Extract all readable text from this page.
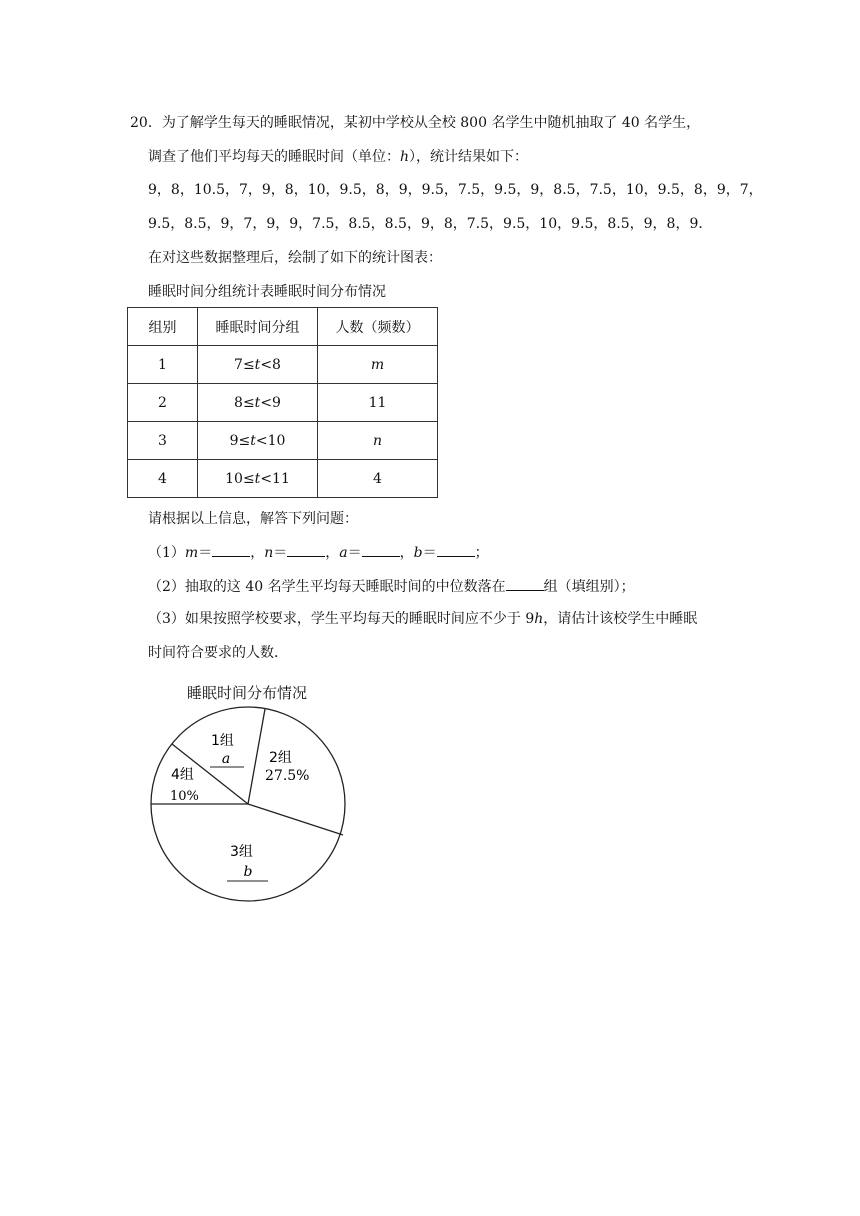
20．为了解学生每天的睡眠情况，某初中学校从全校 800 名学生中随机抽取了 40 名学生，
调查了他们平均每天的睡眠时间（单位：h），统计结果如下：
9，8，10.5，7，9，8，10，9.5，8，9，9.5，7.5，9.5，9，8.5，7.5，10，9.5，8，9，7，
9.5，8.5，9，7，9，9，7.5，8.5，8.5，9，8，7.5，9.5，10，9.5，8.5，9，8，9．
在对这些数据整理后，绘制了如下的统计图表：
睡眠时间分组统计表睡眠时间分布情况
组别	睡眠时间分组	人数（频数）
1	7≤t<8	m
2	8≤t<9	11
3	9≤t<10	n
4	10≤t<11	4
请根据以上信息，解答下列问题：
（1）m＝	，n＝	，a＝	，b＝	；
（2）抽取的这 40 名学生平均每天睡眠时间的中位数落在	组（填组别）；
（3）如果按照学校要求，学生平均每天的睡眠时间应不少于 9h，请估计该校学生中睡眠
时间符合要求的人数．
睡眠时间分布情况
1组
a	2组
27.5%
4组
10%
3组
b
